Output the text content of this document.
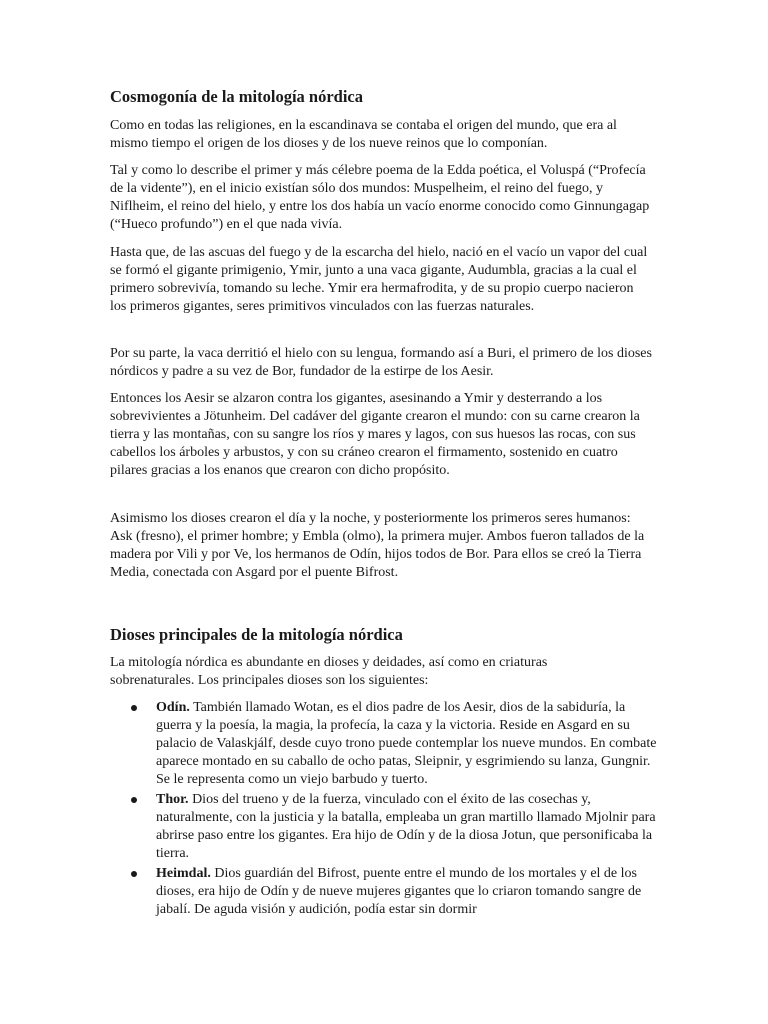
Cosmogonía de la mitología nórdica

Como en todas las religiones, en la escandinava se contaba el origen del mundo, que era al mismo tiempo el origen de los dioses y de los nueve reinos que lo componían.

Tal y como lo describe el primer y más célebre poema de la Edda poética, el Voluspá (“Profecía de la vidente”), en el inicio existían sólo dos mundos: Muspelheim, el reino del fuego, y Niflheim, el reino del hielo, y entre los dos había un vacío enorme conocido como Ginnungagap (“Hueco profundo”) en el que nada vivía.

Hasta que, de las ascuas del fuego y de la escarcha del hielo, nació en el vacío un vapor del cual se formó el gigante primigenio, Ymir, junto a una vaca gigante, Audumbla, gracias a la cual el primero sobrevivía, tomando su leche. Ymir era hermafrodita, y de su propio cuerpo nacieron los primeros gigantes, seres primitivos vinculados con las fuerzas naturales.

Por su parte, la vaca derritió el hielo con su lengua, formando así a Buri, el primero de los dioses nórdicos y padre a su vez de Bor, fundador de la estirpe de los Aesir.

Entonces los Aesir se alzaron contra los gigantes, asesinando a Ymir y desterrando a los sobrevivientes a Jötunheim. Del cadáver del gigante crearon el mundo: con su carne crearon la tierra y las montañas, con su sangre los ríos y mares y lagos, con sus huesos las rocas, con sus cabellos los árboles y arbustos, y con su cráneo crearon el firmamento, sostenido en cuatro pilares gracias a los enanos que crearon con dicho propósito.

Asimismo los dioses crearon el día y la noche, y posteriormente los primeros seres humanos: Ask (fresno), el primer hombre; y Embla (olmo), la primera mujer. Ambos fueron tallados de la madera por Vili y por Ve, los hermanos de Odín, hijos todos de Bor. Para ellos se creó la Tierra Media, conectada con Asgard por el puente Bifrost.

Dioses principales de la mitología nórdica

La mitología nórdica es abundante en dioses y deidades, así como en criaturas sobrenaturales. Los principales dioses son los siguientes:

Odín. También llamado Wotan, es el dios padre de los Aesir, dios de la sabiduría, la guerra y la poesía, la magia, la profecía, la caza y la victoria. Reside en Asgard en su palacio de Valaskjálf, desde cuyo trono puede contemplar los nueve mundos. En combate aparece montado en su caballo de ocho patas, Sleipnir, y esgrimiendo su lanza, Gungnir. Se le representa como un viejo barbudo y tuerto.
Thor. Dios del trueno y de la fuerza, vinculado con el éxito de las cosechas y, naturalmente, con la justicia y la batalla, empleaba un gran martillo llamado Mjolnir para abrirse paso entre los gigantes. Era hijo de Odín y de la diosa Jotun, que personificaba la tierra.
Heimdal. Dios guardián del Bifrost, puente entre el mundo de los mortales y el de los dioses, era hijo de Odín y de nueve mujeres gigantes que lo criaron tomando sangre de jabalí. De aguda visión y audición, podía estar sin dormir
